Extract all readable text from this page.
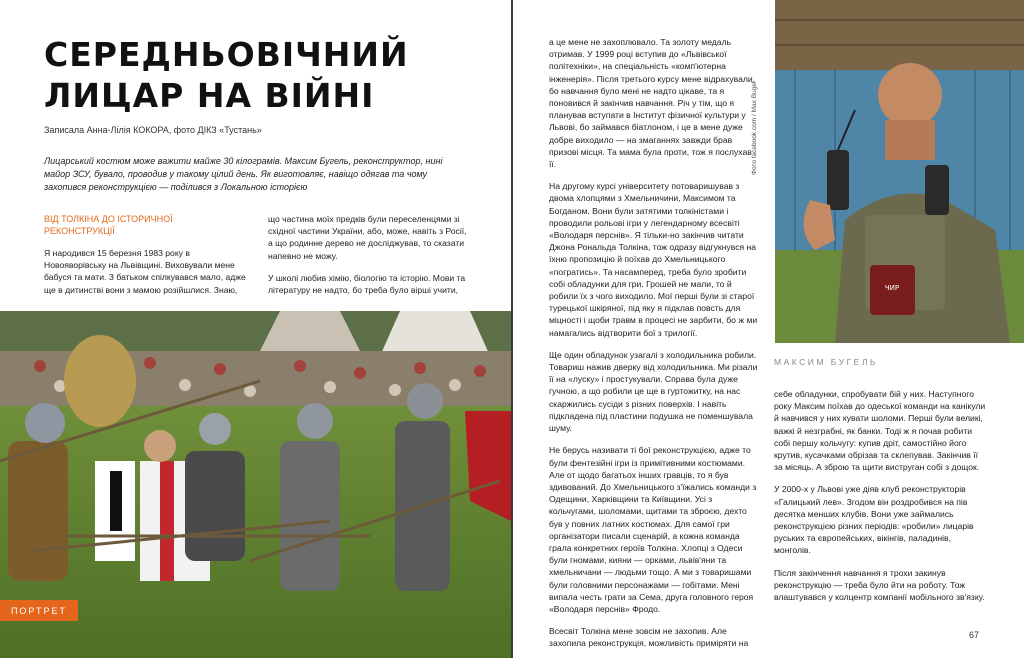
СЕРЕДНЬОВІЧНИЙ
ЛИЦАР НА ВІЙНІ
Записала Анна-Лілія КОКОРА, фото ДІКЗ «Тустань»

Лицарський костюм може важити майже 30 кілограмів. Максим Бугель, реконструктор, нині майор ЗСУ, бувало, проводив у такому цілий день. Як виготовляє, навіщо одягав та чому захопився реконструкцією — поділився з Локальною історією

ВІД ТОЛКІНА ДО ІСТОРИЧНОЇ РЕКОНСТРУКЦІЇ

Я народився 15 березня 1983 року в Новояворівську на Львівщині. Виховували мене бабуся та мати. З батьком спілкувався мало, адже ще в дитинстві вони з мамою розійшлися. Знаю,

що частина моїх предків були переселенцями зі східної частини України, або, може, навіть з Росії, а що родинне дерево не досліджував, то сказати напевно не можу.

У школі любив хімію, біологію та історію. Мови та літературу не надто, бо треба було вірші учити,

ПОРТРЕТ

а це мене не захоплювало. Та золоту медаль отримав. У 1999 році вступив до «Львівської політехніки», на спеціальність «комп'ютерна інженерія». Після третього курсу мене відрахували, бо навчання було мені не надто цікаве, та я поновився й закінчив навчання. Річ у тім, що я планував вступати в Інститут фізичної культури у Львові, бо займався біатлоном, і це в мене дуже добре виходило — на змаганнях завжди брав призові місця. Та мама була проти, тож я послухав її.

На другому курсі університету потоваришував з двома хлопцями з Хмельничини, Максимом та Богданом. Вони були затятими толкіністами і проводили рольові ігри у легендарному всесвіті «Володаря перснів». Я тільки-но закінчив читати Джона Рональда Толкіна, тож одразу відгукнувся на їхню пропозицію й поїхав до Хмельницького «погратись». Та насамперед, треба було зробити собі обладунки для гри. Грошей не мали, то й робили їх з чого виходило. Мої перші були зі старої турецької шкіряної, під яку я підклав повсть для міцності і щоби травм в процесі не зарбити, бо ж ми намагались відтворити бої з трилогії.

Ще один обладунок узагалі з холодильника робили. Товариш нажив дверку від холодильника. Ми різали її на «луску» і простукували. Справа була дуже гучною, а що робили це ще в гуртожитку, на нас скаржились сусіди з різних поверхів. І навіть підкладена під пластини подушка не поменшувала шуму.

Не берусь називати ті бої реконструкцією, адже то були фентезійні ігри із примітивними костюмами. Але от щодо багатьох інших гравців, то я був здивований. До Хмельницького з'їжались команди з Одещини, Харківщини та Київщини. Усі з кольчугами, шоломами, щитами та зброєю, дехто був у повних латних костюмах. Для самої гри організатори писали сценарій, а кожна команда грала конкретних героїв Толкіна. Хлопці з Одеси були гномами, кияни — орками, львів'яни та хмельничани — людьми тощо. А ми з товаришами були головними персонажами — гобітами. Мені випала честь грати за Сема, друга головного героя «Володаря перснів» Фродо.

Всесвіт Толкіна мене зовсім не захопив. Але захопила реконструкція, можливість приміряти на

ЧИР
Фото facebook.com / Max Bugel
МАКСИМ БУГЕЛЬ

себе обладунки, спробувати бій у них. Наступного року Максим поїхав до одеської команди на канікули й навчився у них кувати шоломи. Перші були великі, важкі й незграбні, як банки. Тоді ж я почав робити собі першу кольчугу: купив дріт, самостійно його крутив, кусачками обрізав та склепував. Закінчив її за місяць. А зброю та щити виструган собі з дощок.

У 2000-х у Львові уже діяв клуб реконструкторів «Галицький лев». Згодом він роздробився на пів десятка менших клубів. Вони уже займались реконструкцією різних періодів: «робили» лицарів руських та європейських, вікінгів, паладинів, монголів.

Після закінчення навчання я трохи закинув реконструкцію — треба було йти на роботу. Тож влаштувався у колцентр компанії мобільного зв'язку.

67
